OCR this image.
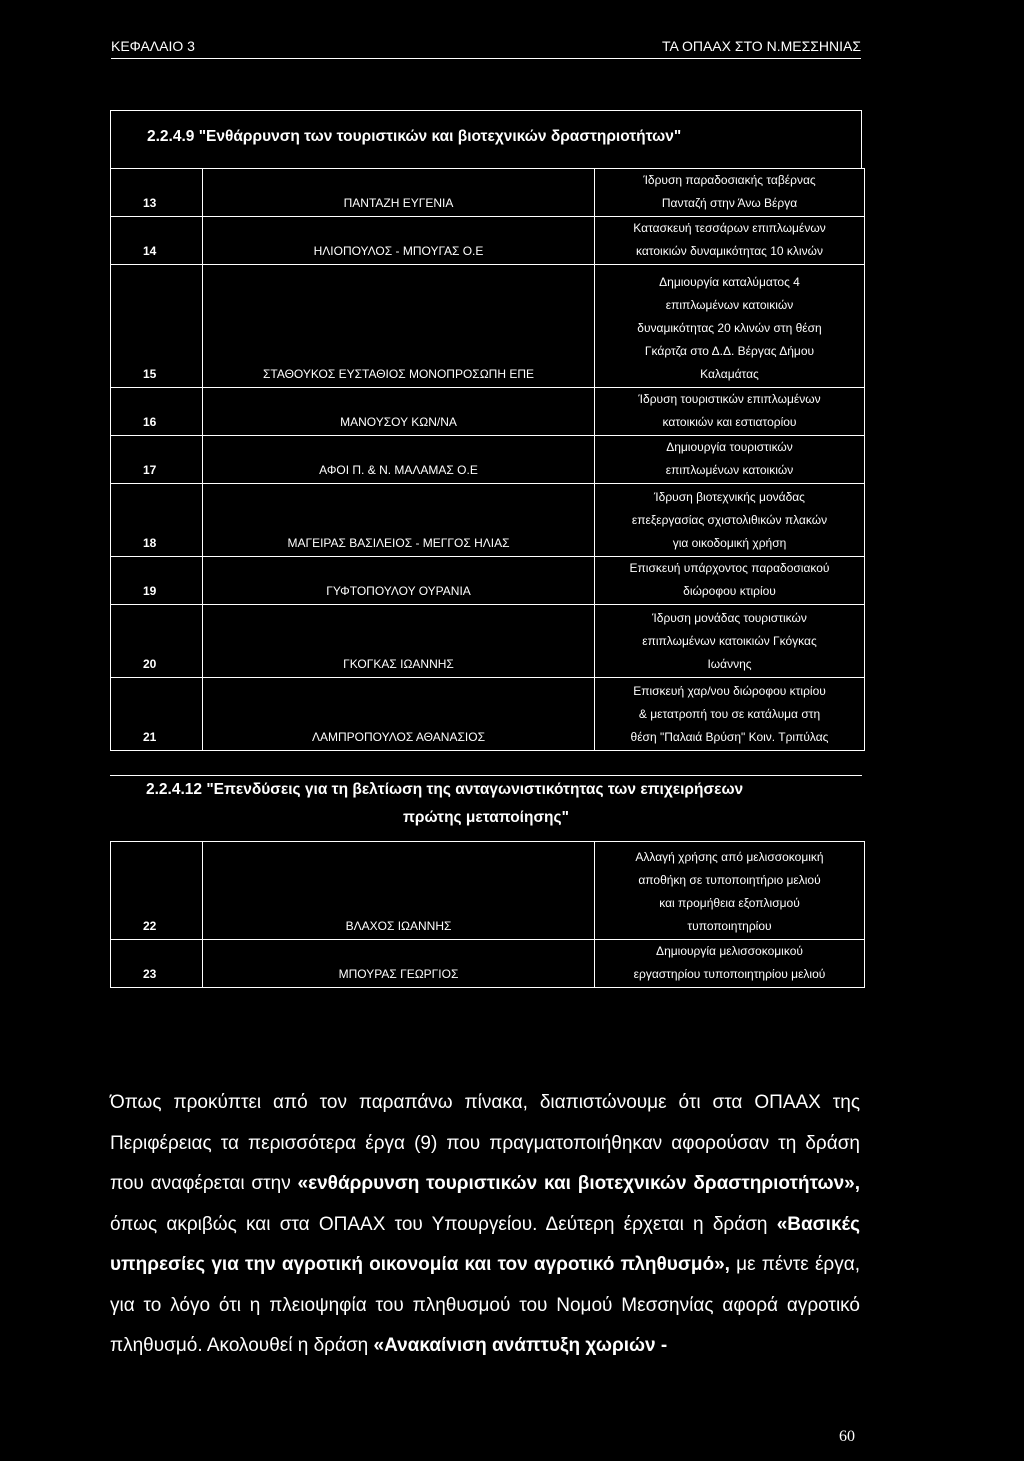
ΚΕΦΑΛΑΙΟ 3	ΤΑ ΟΠΑΑΧ ΣΤΟ Ν.ΜΕΣΣΗΝΙΑΣ
2.2.4.9 "Ενθάρρυνση των τουριστικών και βιοτεχνικών δραστηριοτήτων"
13	ΠΑΝΤΑΖΗ ΕΥΓΕΝΙΑ	Ίδρυση παραδοσιακής ταβέρνας
Πανταζή στην Άνω Βέργα

14	ΗΛΙΟΠΟΥΛΟΣ - ΜΠΟΥΓΑΣ Ο.Ε	Κατασκευή τεσσάρων επιπλωμένων
κατοικιών δυναμικότητας 10 κλινών

15	ΣΤΑΘΟΥΚΟΣ ΕΥΣΤΑΘΙΟΣ ΜΟΝΟΠΡΟΣΩΠΗ ΕΠΕ	Δημιουργία καταλύματος 4
επιπλωμένων κατοικιών
δυναμικότητας 20 κλινών στη θέση
Γκάρτζα στο Δ.Δ. Βέργας Δήμου
Καλαμάτας

16	ΜΑΝΟΥΣΟΥ ΚΩΝ/ΝΑ	Ίδρυση τουριστικών επιπλωμένων
κατοικιών και εστιατορίου

17	ΑΦΟΙ Π. & Ν. ΜΑΛΑΜΑΣ Ο.Ε	Δημιουργία τουριστικών
επιπλωμένων κατοικιών

18	ΜΑΓΕΙΡΑΣ ΒΑΣΙΛΕΙΟΣ - ΜΕΓΓΟΣ ΗΛΙΑΣ	Ίδρυση βιοτεχνικής μονάδας
επεξεργασίας σχιστολιθικών πλακών
για οικοδομική χρήση

19	ΓΥΦΤΟΠΟΥΛΟΥ ΟΥΡΑΝΙΑ	Επισκευή υπάρχοντος παραδοσιακού
διώροφου κτιρίου

20	ΓΚΟΓΚΑΣ ΙΩΑΝΝΗΣ	Ίδρυση μονάδας τουριστικών
επιπλωμένων κατοικιών Γκόγκας
Ιωάννης

21	ΛΑΜΠΡΟΠΟΥΛΟΣ ΑΘΑΝΑΣΙΟΣ	Επισκευή χαρ/νου διώροφου κτιρίου
& μετατροπή του σε κατάλυμα στη
θέση "Παλαιά Βρύση" Κοιν. Τριπύλας
2.2.4.12 "Επενδύσεις για τη βελτίωση της ανταγωνιστικότητας των επιχειρήσεων
πρώτης μεταποίησης"
22	ΒΛΑΧΟΣ ΙΩΑΝΝΗΣ	Αλλαγή χρήσης από μελισσοκομική
αποθήκη σε τυποποιητήριο μελιού
και προμήθεια εξοπλισμού
τυποποιητηρίου

23	ΜΠΟΥΡΑΣ ΓΕΩΡΓΙΟΣ	Δημιουργία μελισσοκομικού
εργαστηρίου τυποποιητηρίου μελιού
Όπως προκύπτει από τον παραπάνω πίνακα, διαπιστώνουμε ότι στα ΟΠΑΑΧ της Περιφέρειας τα περισσότερα έργα (9) που πραγματοποιήθηκαν αφορούσαν τη δράση που αναφέρεται στην «ενθάρρυνση τουριστικών και βιοτεχνικών δραστηριοτήτων», όπως ακριβώς και στα ΟΠΑΑΧ του Υπουργείου. Δεύτερη έρχεται η δράση «Βασικές υπηρεσίες για την αγροτική οικονομία και τον αγροτικό πληθυσμό», με πέντε έργα, για το λόγο ότι η πλειοψηφία του πληθυσμού του Νομού Μεσσηνίας αφορά αγροτικό πληθυσμό. Ακολουθεί η δράση «Ανακαίνιση ανάπτυξη χωριών -
60
